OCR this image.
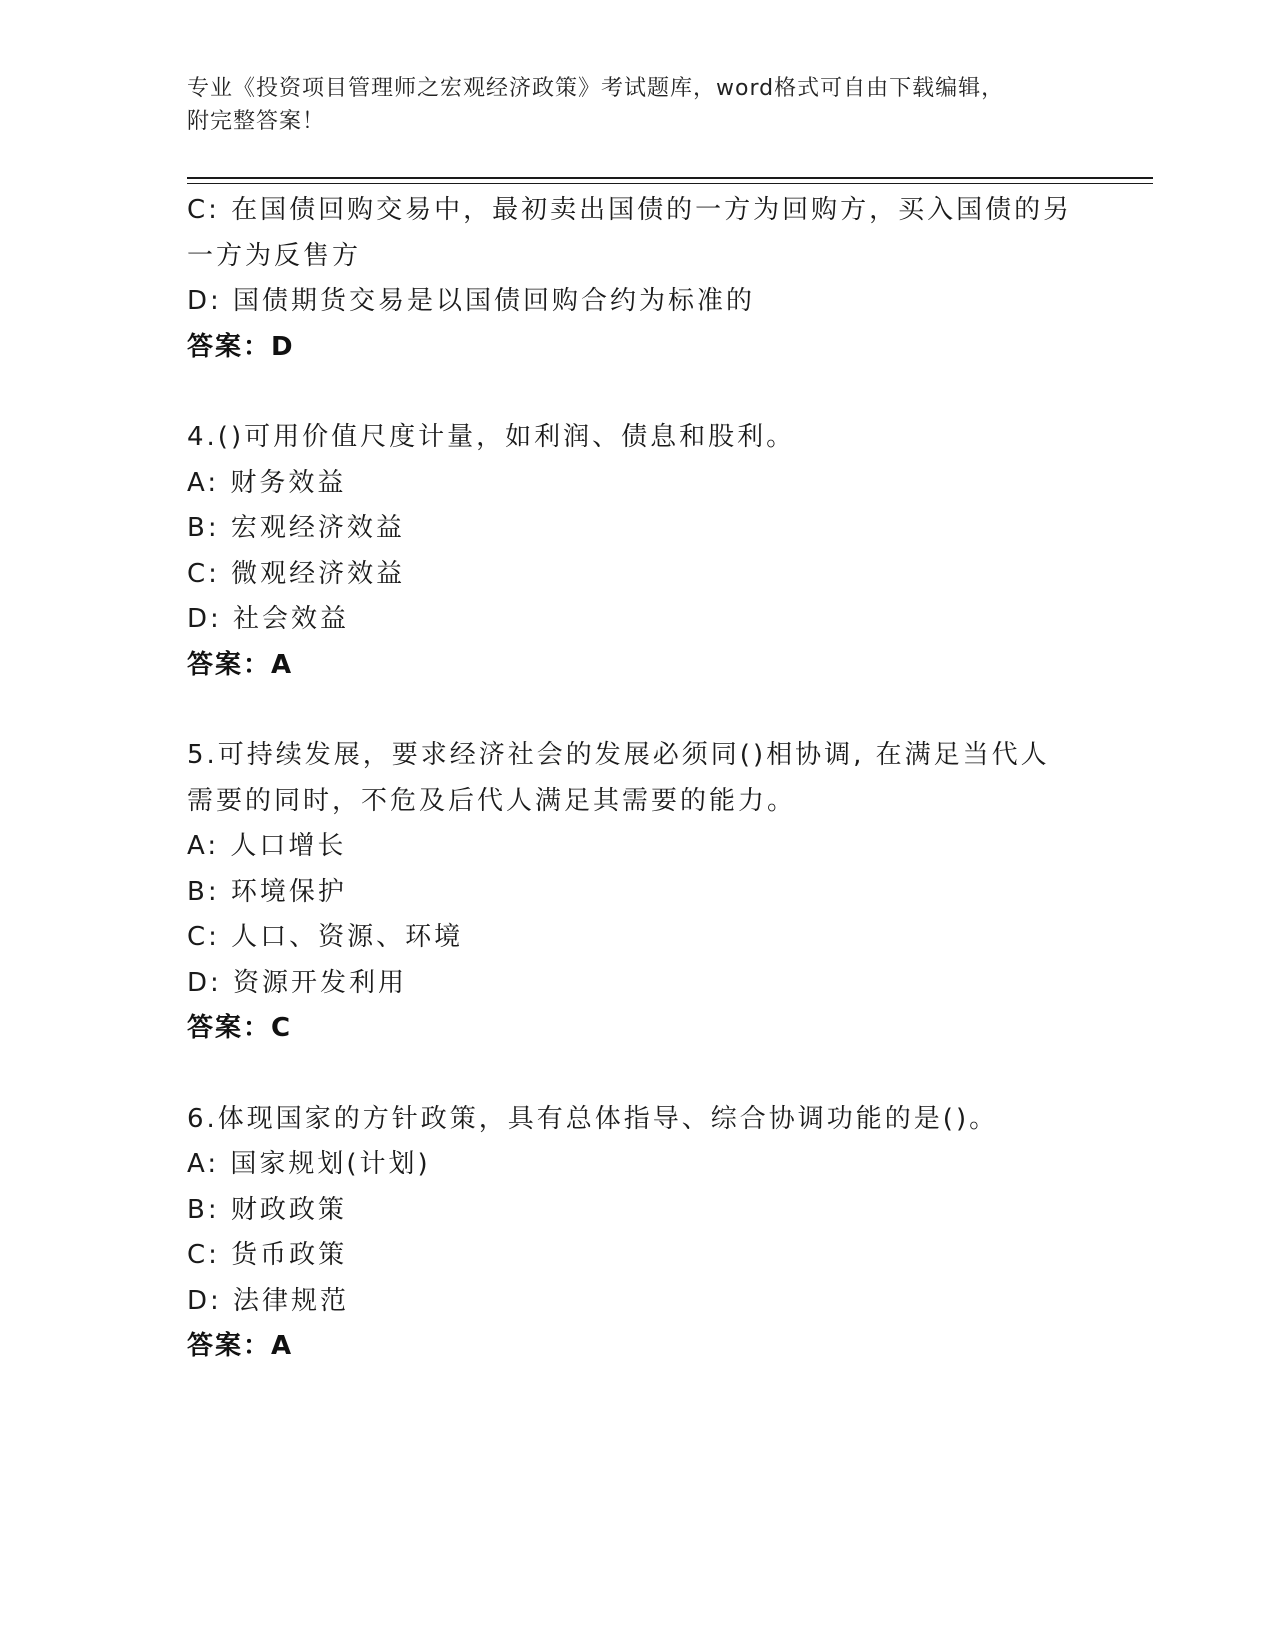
专业《投资项目管理师之宏观经济政策》考试题库，word格式可自由下载编辑，
附完整答案！
C: 在国债回购交易中，最初卖出国债的一方为回购方，买入国债的另
一方为反售方
D: 国债期货交易是以国债回购合约为标准的
答案：D
4.()可用价值尺度计量，如利润、债息和股利。
A: 财务效益
B: 宏观经济效益
C: 微观经济效益
D: 社会效益
答案：A
5.可持续发展，要求经济社会的发展必须同()相协调, 在满足当代人
需要的同时，不危及后代人满足其需要的能力。
A: 人口增长
B: 环境保护
C: 人口、资源、环境
D: 资源开发利用
答案：C
6.体现国家的方针政策，具有总体指导、综合协调功能的是()。
A: 国家规划(计划)
B: 财政政策
C: 货币政策
D: 法律规范
答案：A
